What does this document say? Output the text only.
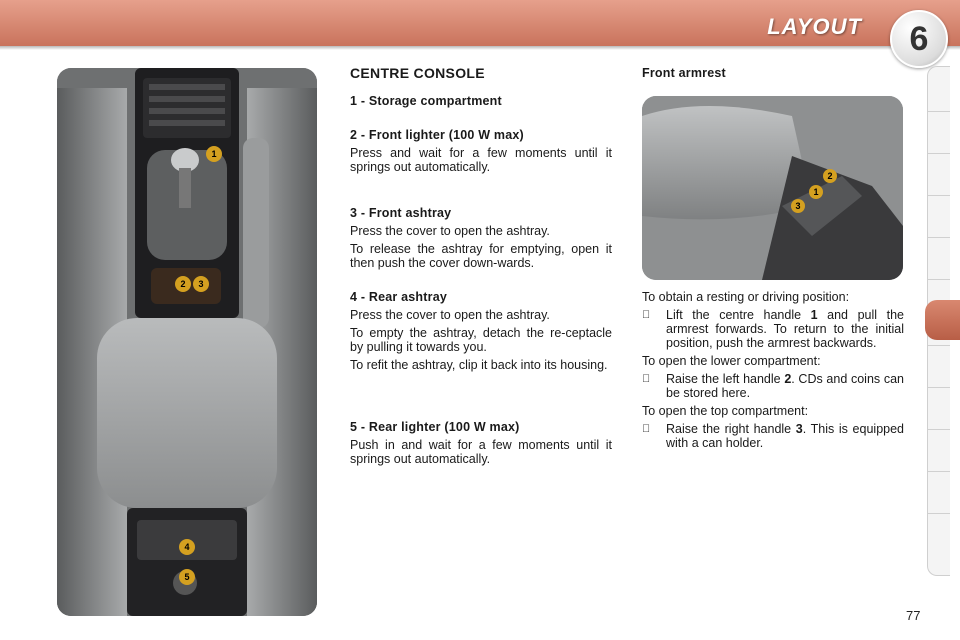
LAYOUT	6
1
2 3
4
5
CENTRE CONSOLE
1 - Storage compartment
2 - Front lighter (100 W max)

Press and wait for a few moments until it springs out automatically.

3 - Front ashtray

Press the cover to open the ashtray.

To release the ashtray for emptying, open it then push the cover down-wards.

4 - Rear ashtray

Press the cover to open the ashtray.

To empty the ashtray, detach the re-ceptacle by pulling it towards you.

To refit the ashtray, clip it back into its housing.

5 - Rear lighter (100 W max)

Push in and wait for a few moments until it springs out automatically.

Front armrest
2
1
3

To obtain a resting or driving position:

Lift the centre handle 1 and pull the armrest forwards. To return to the initial position, push the armrest backwards.

To open the lower compartment:

Raise the left handle 2. CDs and coins can be stored here.

To open the top compartment:

Raise the right handle 3. This is equipped with a can holder.
77
